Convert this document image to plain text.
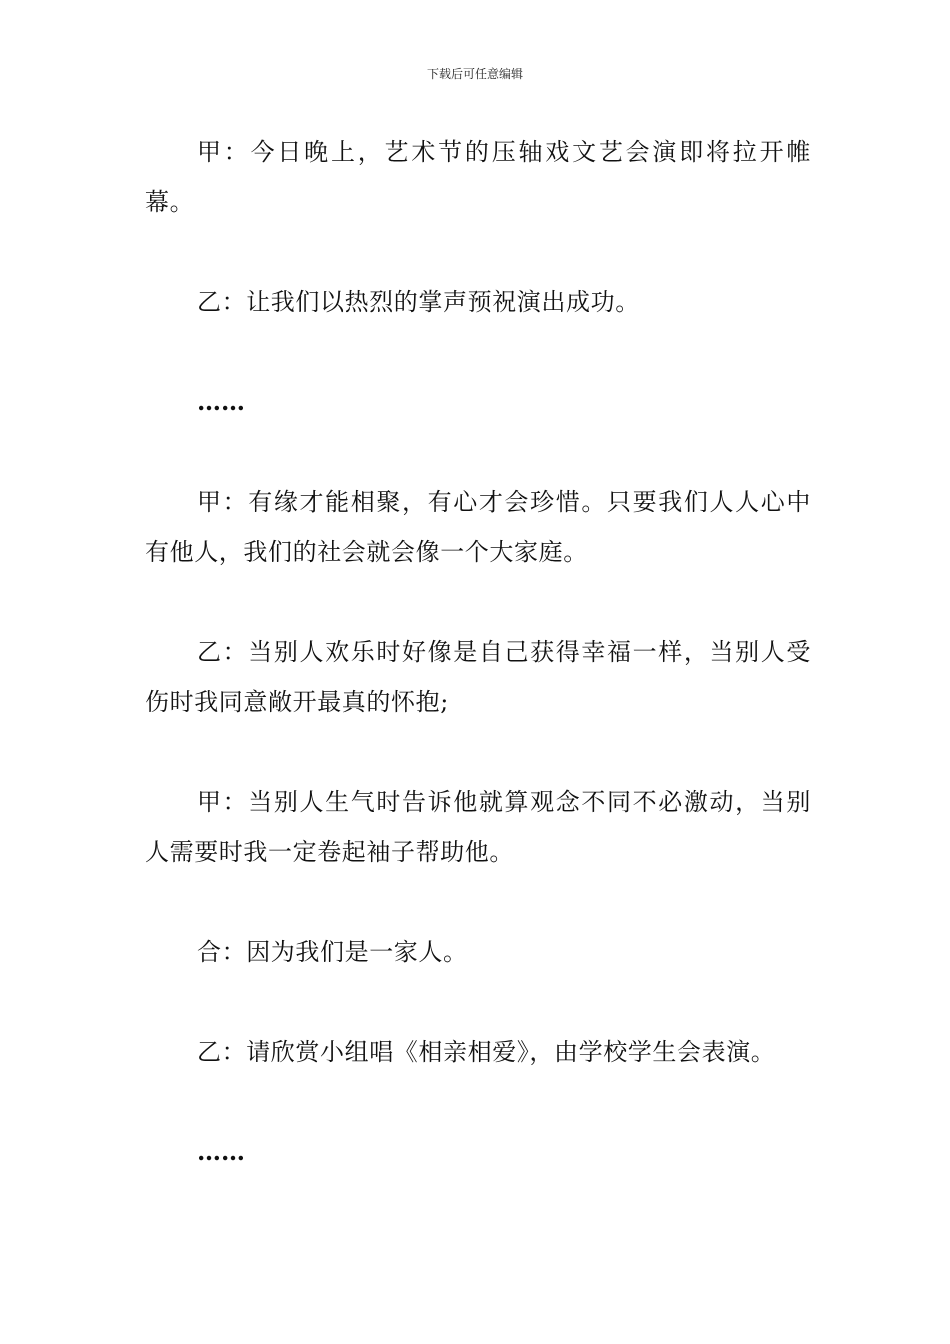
下载后可任意编辑

甲：今日晚上，艺术节的压轴戏文艺会演即将拉开帷幕。

乙：让我们以热烈的掌声预祝演出成功。

……

甲：有缘才能相聚，有心才会珍惜。只要我们人人心中有他人，我们的社会就会像一个大家庭。

乙：当别人欢乐时好像是自己获得幸福一样，当别人受伤时我同意敞开最真的怀抱;

甲：当别人生气时告诉他就算观念不同不必激动，当别人需要时我一定卷起袖子帮助他。

合：因为我们是一家人。

乙：请欣赏小组唱《相亲相爱》，由学校学生会表演。

……
